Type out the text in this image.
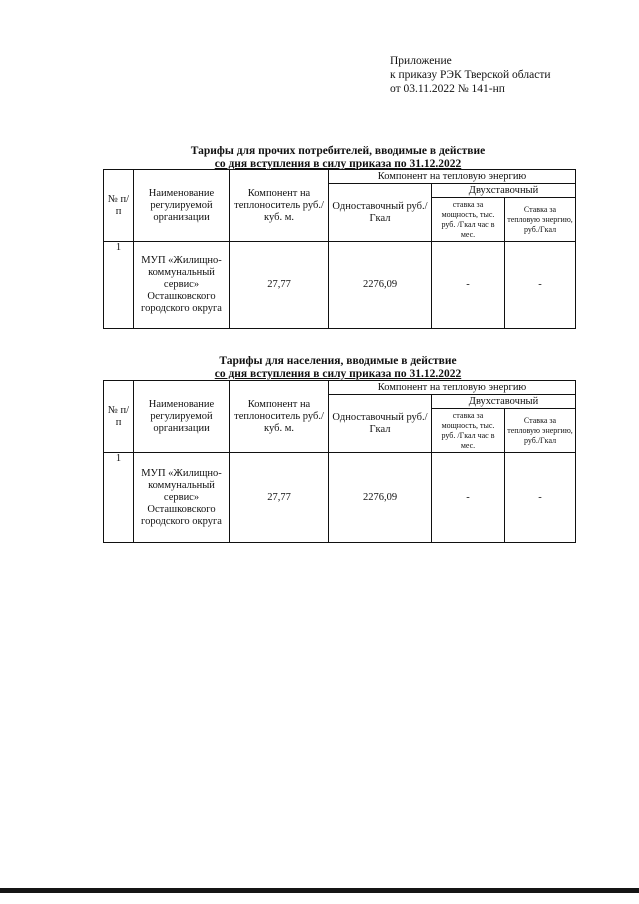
Приложение
к приказу РЭК Тверской области
от 03.11.2022 № 141-нп
Тарифы для прочих потребителей, вводимые в действие
со дня вступления в силу приказа по 31.12.2022
№ п/п	Наименование регулируемой организации	Компонент на теплоноситель руб./куб. м.	Компонент на тепловую энергию		
			Одноставочный руб./Гкал	Двухставочный	
				ставка за мощность, тыс. руб. /Гкал час в мес.	Ставка за тепловую энергию, руб./Гкал
1	МУП «Жилищно-коммунальный сервис» Осташковского городского округа	27,77	2276,09	-	-
Тарифы для населения, вводимые в действие
со дня вступления в силу приказа по 31.12.2022
№ п/п	Наименование регулируемой организации	Компонент на теплоноситель руб./куб. м.	Компонент на тепловую энергию		
			Одноставочный руб./Гкал	Двухставочный	
				ставка за мощность, тыс. руб. /Гкал час в мес.	Ставка за тепловую энергию, руб./Гкал
1	МУП «Жилищно-коммунальный сервис» Осташковского городского округа	27,77	2276,09	-	-
